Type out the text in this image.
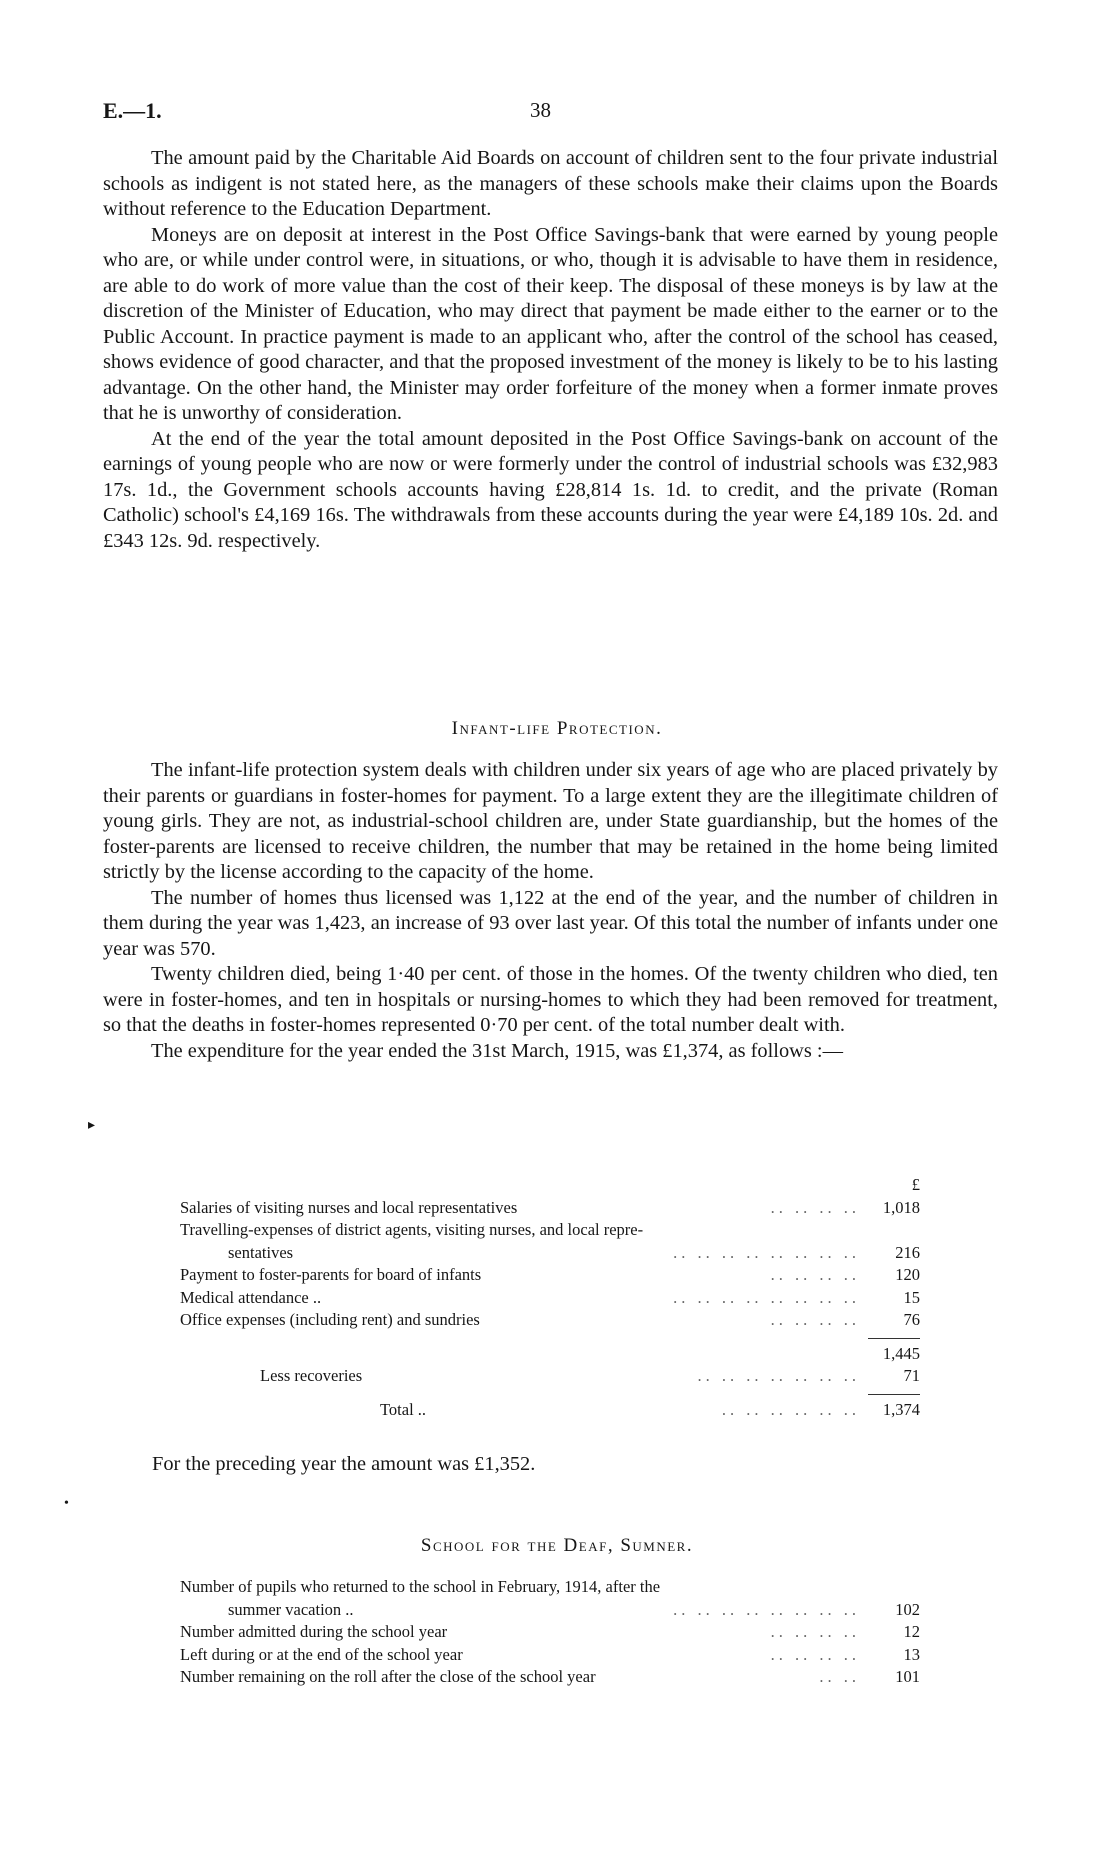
E.—1.	38

The amount paid by the Charitable Aid Boards on account of children sent to the four private industrial schools as indigent is not stated here, as the managers of these schools make their claims upon the Boards without reference to the Education Department.

Moneys are on deposit at interest in the Post Office Savings-bank that were earned by young people who are, or while under control were, in situations, or who, though it is advisable to have them in residence, are able to do work of more value than the cost of their keep. The disposal of these moneys is by law at the discretion of the Minister of Education, who may direct that payment be made either to the earner or to the Public Account. In practice payment is made to an applicant who, after the control of the school has ceased, shows evidence of good character, and that the proposed investment of the money is likely to be to his lasting advantage. On the other hand, the Minister may order forfeiture of the money when a former inmate proves that he is unworthy of consideration.

At the end of the year the total amount deposited in the Post Office Savings-bank on account of the earnings of young people who are now or were formerly under the control of industrial schools was £32,983 17s. 1d., the Government schools accounts having £28,814 1s. 1d. to credit, and the private (Roman Catholic) school's £4,169 16s. The withdrawals from these accounts during the year were £4,189 10s. 2d. and £343 12s. 9d. respectively.

Infant-life Protection.

The infant-life protection system deals with children under six years of age who are placed privately by their parents or guardians in foster-homes for payment. To a large extent they are the illegitimate children of young girls. They are not, as industrial-school children are, under State guardianship, but the homes of the foster-parents are licensed to receive children, the number that may be retained in the home being limited strictly by the license according to the capacity of the home.

The number of homes thus licensed was 1,122 at the end of the year, and the number of children in them during the year was 1,423, an increase of 93 over last year. Of this total the number of infants under one year was 570.

Twenty children died, being 1·40 per cent. of those in the homes. Of the twenty children who died, ten were in foster-homes, and ten in hospitals or nursing-homes to which they had been removed for treatment, so that the deaths in foster-homes represented 0·70 per cent. of the total number dealt with.

The expenditure for the year ended the 31st March, 1915, was £1,374, as follows :—

▸
£
Salaries of visiting nurses and local representatives	.. .. .. ..	1,018
Travelling-expenses of district agents, visiting nurses, and local repre-
sentatives	.. .. .. .. .. .. .. ..	216
Payment to foster-parents for board of infants	.. .. .. ..	120
Medical attendance ..	.. .. .. .. .. .. .. ..	15
Office expenses (including rent) and sundries	.. .. .. ..	76
1,445
Less recoveries	.. .. .. .. .. .. ..	71
Total ..	.. .. .. .. .. ..	1,374
For the preceding year the amount was £1,352.
•
School for the Deaf, Sumner.
Number of pupils who returned to the school in February, 1914, after the
summer vacation ..	.. .. .. .. .. .. .. ..	102
Number admitted during the school year	.. .. .. ..	12
Left during or at the end of the school year	.. .. .. ..	13
Number remaining on the roll after the close of the school year	.. ..	101
